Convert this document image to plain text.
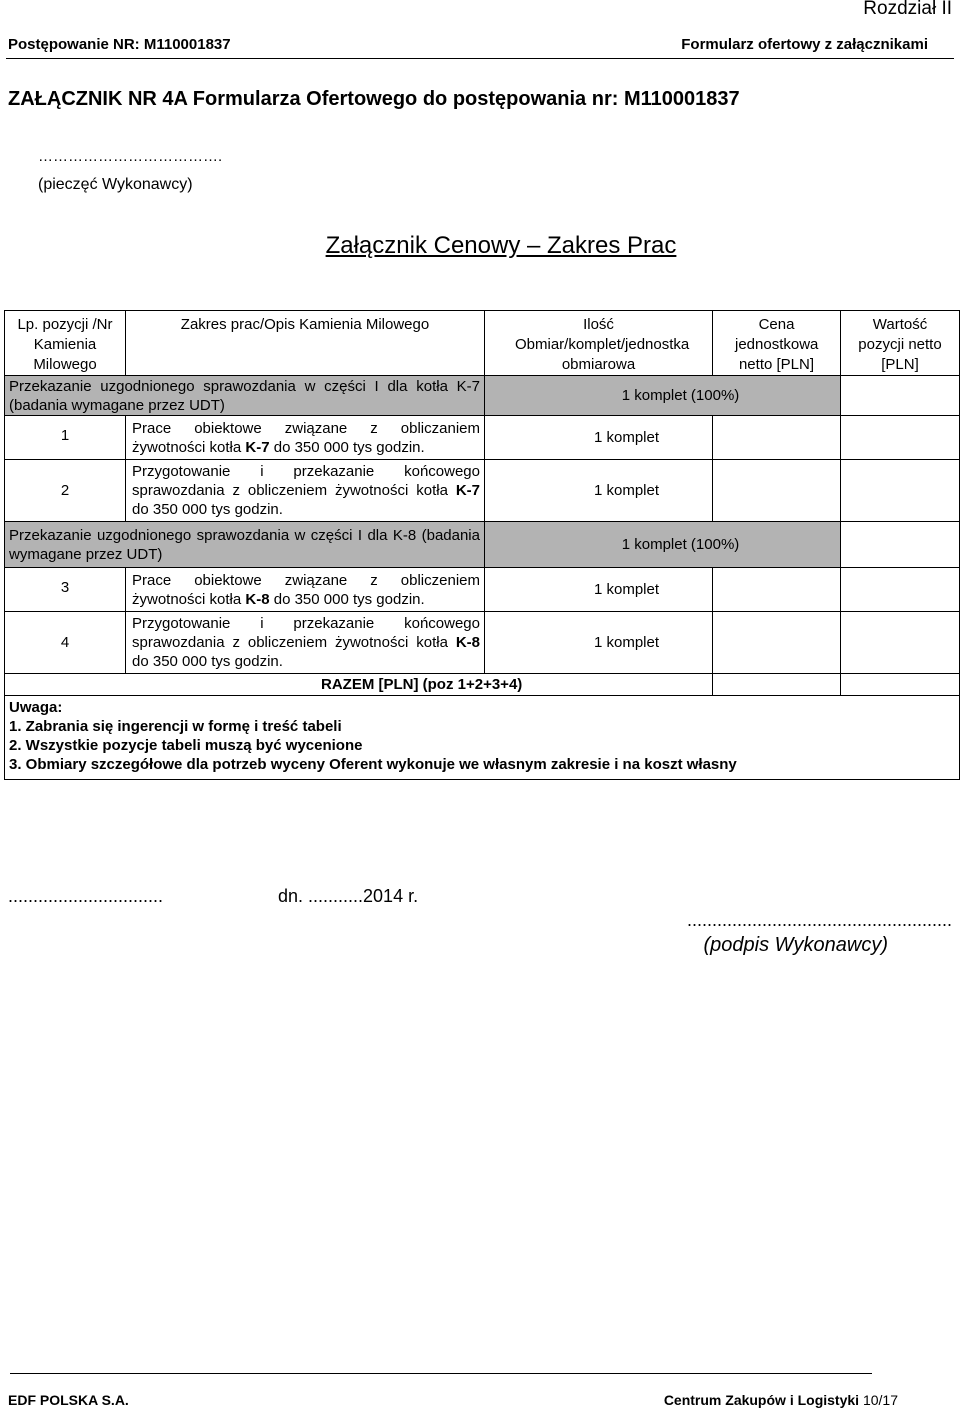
Rozdział II
Postępowanie NR: M110001837	Formularz ofertowy z załącznikami
ZAŁĄCZNIK NR 4A Formularza Ofertowego do postępowania nr: M110001837
……………………………….
(pieczęć Wykonawcy)
Załącznik Cenowy – Zakres Prac
Lp. pozycji /Nr Kamienia Milowego	Zakres prac/Opis Kamienia Milowego	Ilość Obmiar/komplet/jednostka obmiarowa	Cena jednostkowa netto [PLN]	Wartość pozycji netto [PLN]
Przekazanie uzgodnionego sprawozdania w części I dla kotła K-7 (badania wymagane przez UDT)		1 komplet (100%)		
1	Prace obiektowe związane z obliczaniem żywotności kotła K-7 do 350 000 tys godzin.	1 komplet		
2	Przygotowanie i przekazanie końcowego sprawozdania z obliczeniem żywotności kotła K-7 do 350 000 tys godzin.	1 komplet		
Przekazanie uzgodnionego sprawozdania w części I dla K-8 (badania wymagane przez UDT)		1 komplet (100%)		
3	Prace obiektowe związane z obliczeniem żywotności kotła K-8 do 350 000 tys godzin.	1 komplet		
4	Przygotowanie i przekazanie końcowego sprawozdania z obliczeniem żywotności kotła K-8 do 350 000 tys godzin.	1 komplet		
RAZEM [PLN] (poz 1+2+3+4)				

Uwaga:
1. Zabrania się ingerencji w formę i treść tabeli
2. Wszystkie pozycje tabeli muszą być wycenione
3. Obmiary szczegółowe dla potrzeb wyceny Oferent wykonuje we własnym zakresie i na koszt własny				
...............................	dn. ...........2014 r.
.....................................................
(podpis Wykonawcy)
EDF POLSKA S.A.	Centrum Zakupów i Logistyki 10/17
